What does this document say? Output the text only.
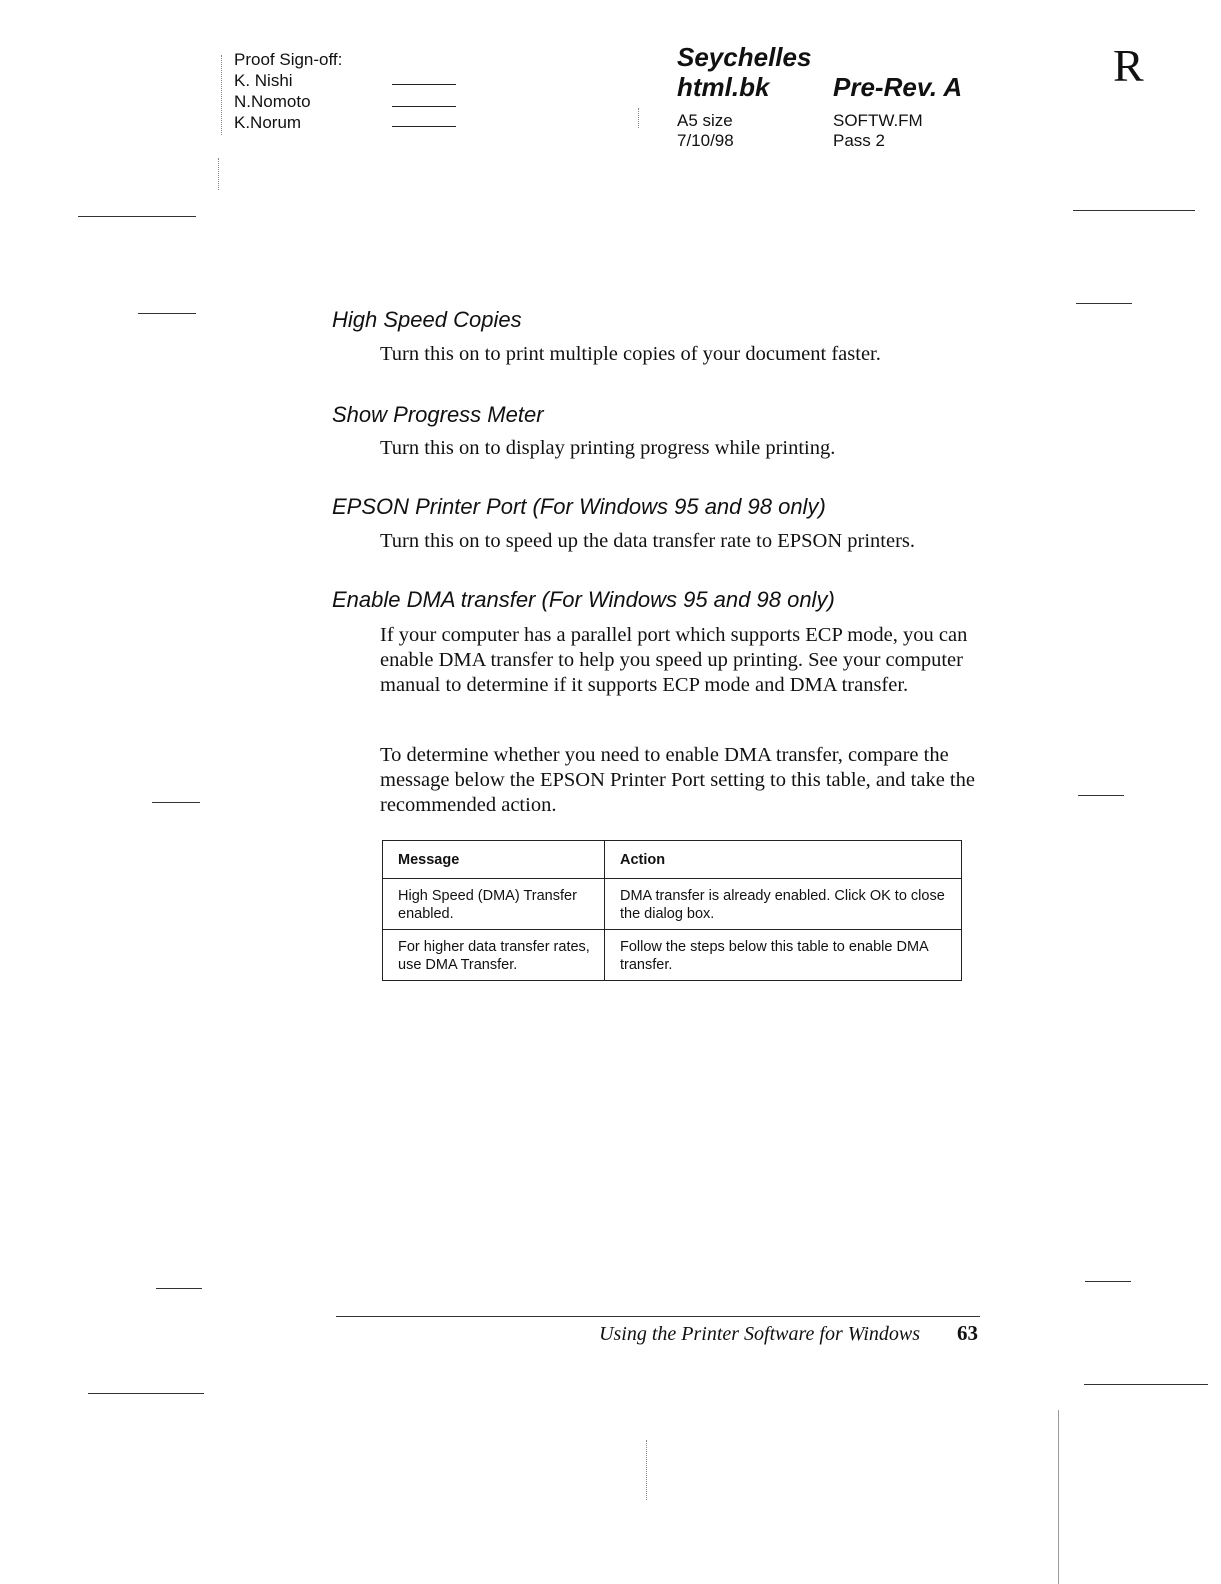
Proof Sign-off:
K. Nishi
N.Nomoto
K.Norum
Seychelles
html.bk	Pre-Rev. A
A5 size
7/10/98
SOFTW.FM
Pass 2
R
High Speed Copies
Turn this on to print multiple copies of your document faster.
Show Progress Meter
Turn this on to display printing progress while printing.
EPSON Printer Port (For Windows 95 and 98 only)
Turn this on to speed up the data transfer rate to EPSON printers.
Enable DMA transfer (For Windows 95 and 98 only)
If your computer has a parallel port which supports ECP mode, you can enable DMA transfer to help you speed up printing. See your computer manual to determine if it supports ECP mode and DMA transfer.
To determine whether you need to enable DMA transfer, compare the message below the EPSON Printer Port setting to this table, and take the recommended action.
Message	Action
High Speed (DMA) Transfer enabled.	DMA transfer is already enabled. Click OK to close the dialog box.
For higher data transfer rates, use DMA Transfer.	Follow the steps below this table to enable DMA transfer.
Using the Printer Software for Windows 63
